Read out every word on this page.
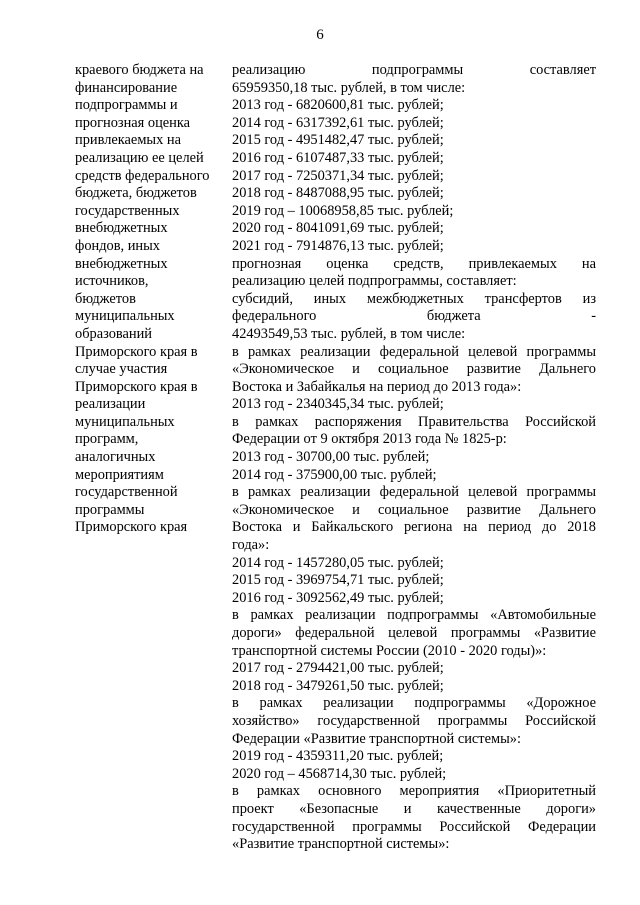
6
краевого бюджета на
финансирование
подпрограммы и
прогнозная оценка
привлекаемых на
реализацию ее целей
средств федерального
бюджета, бюджетов
государственных
внебюджетных
фондов, иных
внебюджетных
источников,
бюджетов
муниципальных
образований
Приморского края в
случае участия
Приморского края в
реализации
муниципальных
программ,
аналогичных
мероприятиям
государственной
программы
Приморского края
реализацию подпрограммы составляет
65959350,18 тыс. рублей, в том числе:
2013 год - 6820600,81 тыс. рублей;
2014 год - 6317392,61 тыс. рублей;
2015 год - 4951482,47 тыс. рублей;
2016 год - 6107487,33 тыс. рублей;
2017 год - 7250371,34 тыс. рублей;
2018 год - 8487088,95 тыс. рублей;
2019 год – 10068958,85 тыс. рублей;
2020 год - 8041091,69 тыс. рублей;
2021 год - 7914876,13 тыс. рублей;
прогнозная оценка средств, привлекаемых на
реализацию целей подпрограммы, составляет:
субсидий, иных межбюджетных трансфертов из
федерального бюджета -
42493549,53 тыс. рублей, в том числе:
в рамках реализации федеральной целевой программы
«Экономическое и социальное развитие Дальнего
Востока и Забайкалья на период до 2013 года»:
2013 год - 2340345,34 тыс. рублей;
в рамках распоряжения Правительства Российской
Федерации от 9 октября 2013 года № 1825-р:
2013 год - 30700,00 тыс. рублей;
2014 год - 375900,00 тыс. рублей;
в рамках реализации федеральной целевой программы
«Экономическое и социальное развитие Дальнего
Востока и Байкальского региона на период до 2018
года»:
2014 год - 1457280,05 тыс. рублей;
2015 год - 3969754,71 тыс. рублей;
2016 год - 3092562,49 тыс. рублей;
в рамках реализации подпрограммы «Автомобильные
дороги» федеральной целевой программы «Развитие
транспортной системы России (2010 - 2020 годы)»:
2017 год - 2794421,00 тыс. рублей;
2018 год - 3479261,50 тыс. рублей;
в рамках реализации подпрограммы «Дорожное
хозяйство» государственной программы Российской
Федерации «Развитие транспортной системы»:
2019 год - 4359311,20 тыс. рублей;
2020 год – 4568714,30 тыс. рублей;
в рамках основного мероприятия «Приоритетный
проект «Безопасные и качественные дороги»
государственной программы Российской Федерации
«Развитие транспортной системы»:
